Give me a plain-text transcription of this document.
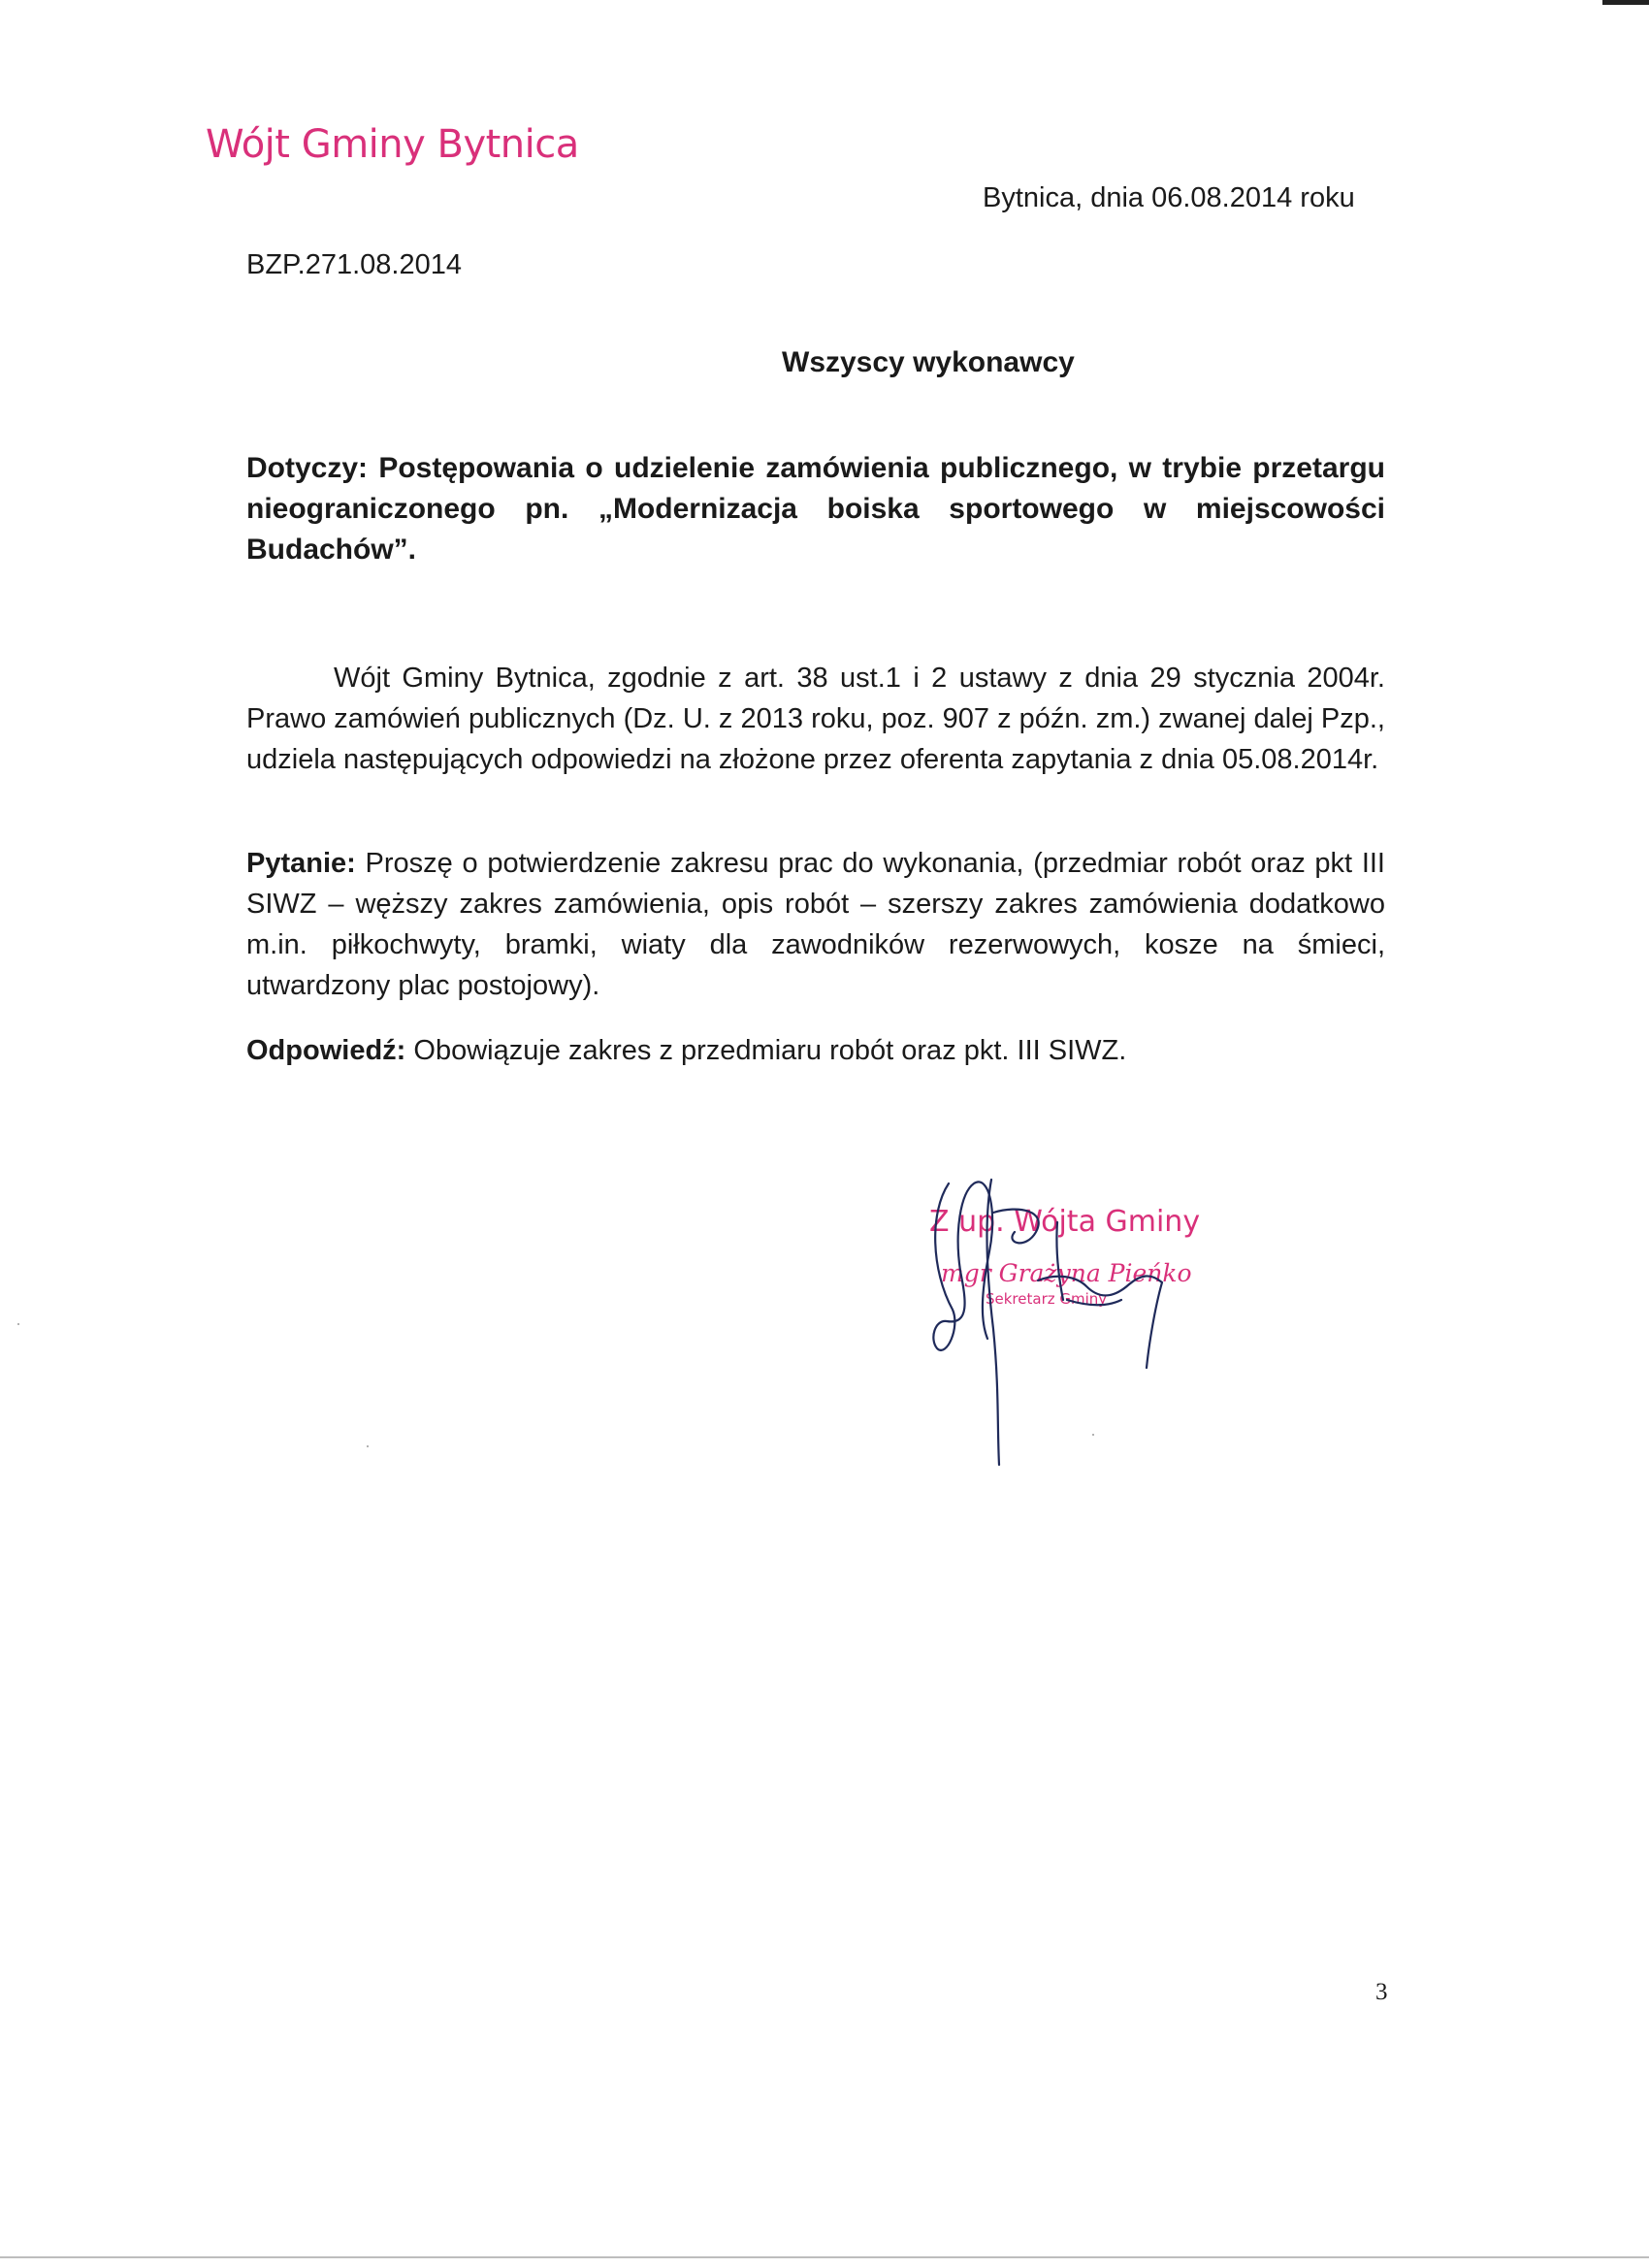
Wójt Gminy Bytnica
Bytnica, dnia 06.08.2014 roku
BZP.271.08.2014
Wszyscy wykonawcy
Dotyczy: Postępowania o udzielenie zamówienia publicznego, w trybie przetargu nieograniczonego pn. „Modernizacja boiska sportowego w miejscowości Budachów”.
Wójt Gminy Bytnica, zgodnie z art. 38 ust.1 i 2 ustawy z dnia 29 stycznia 2004r. Prawo zamówień publicznych (Dz. U. z 2013 roku, poz. 907 z późn. zm.) zwanej dalej Pzp., udziela następujących odpowiedzi na złożone przez oferenta zapytania z dnia 05.08.2014r.
Pytanie: Proszę o potwierdzenie zakresu prac do wykonania, (przedmiar robót oraz pkt III SIWZ – węższy zakres zamówienia, opis robót – szerszy zakres zamówienia dodatkowo m.in. piłkochwyty, bramki, wiaty dla zawodników rezerwowych, kosze na śmieci, utwardzony plac postojowy).
Odpowiedź: Obowiązuje zakres z przedmiaru robót oraz pkt. III SIWZ.
Z up. Wójta Gminy
mgr Grażyna Pieńko
Sekretarz Gminy
3
